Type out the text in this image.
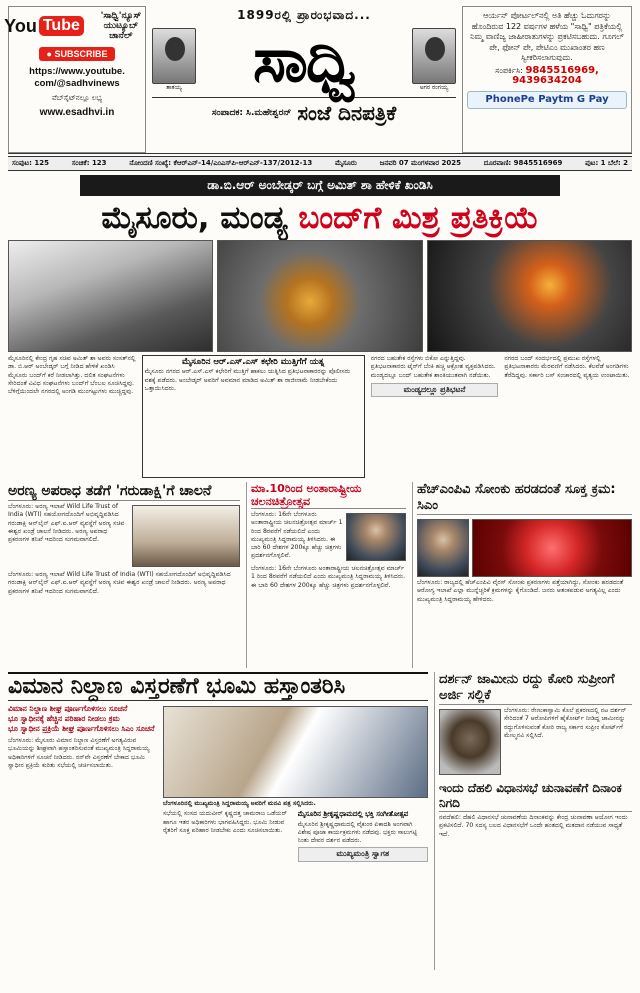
You Tube
'ಸಾಧ್ವಿ'ನ್ಯೂಸ್ ಯುಟ್ಯೂಬ್ ಚಾನೆಲ್
● SUBSCRIBE
https://www.youtube.
com/@sadhvinews
ವೆಬ್‌ಸೈಟ್‌ನಲ್ಲೂ ಲಭ್ಯ
www.esadhvi.in
1899ರಲ್ಲಿ ಪ್ರಾರಂಭವಾದ...
ತಾತಯ್ಯ ಸಾಧ್ವಿ	ಅಗರ ರಂಗಯ್ಯ
ಸಂಪಾದಕ: ಸಿ.ಮಹೇಶ್ವರನ್ ಸಂಜೆ ದಿನಪತ್ರಿಕೆ
ಆರ್ಯನ್ ಪೋರ್ಟಲ್‌ನಲ್ಲಿ ಅತಿ ಹೆಚ್ಚು ಓದುಗರನ್ನು ಹೊಂದಿರುವ 122 ವರ್ಷಗಳ ಹಳೆಯ "ಸಾಧ್ವಿ" ಪತ್ರಿಕೆಯಲ್ಲಿ ನಿಮ್ಮ ವಾಣಿಜ್ಯ ಜಾಹೀರಾತುಗಳನ್ನು ಪ್ರಕಟಿಸಬಹುದು. ಗೂಗಲ್ ಪೇ, ಫೋನ್ ಪೇ, ಪೇಟಿಎಂ ಮುಖಾಂತರ ಹಣ ಸ್ವೀಕರಿಸಲಾಗುವುದು.
ಸಂಪರ್ಕಿಸಿ: 9845516969,
9439634204
PhonePe Paytm G Pay
ಸಂಪುಟ: 125	ಸಂಚಿಕೆ: 123	ನೋಂದಣಿ ಸಂಖ್ಯೆ: ಕೆಆರ್‌ಎನ್-14/ಎಂಎಸ್‌ಪಿ-ಆರ್‌ಎನ್-137/2012-13	ಮೈಸೂರು	ಜನವರಿ 07 ಮಂಗಳವಾರ 2025	ದೂರವಾಣಿ: 9845516969	ಪುಟ: 1 ಬೆಲೆ: 2
ಡಾ.ಬಿ.ಆರ್ ಅಂಬೇಡ್ಕರ್ ಬಗ್ಗೆ ಅಮಿತ್ ಶಾ ಹೇಳಿಕೆ ಖಂಡಿಸಿ
ಮೈಸೂರು, ಮಂಡ್ಯ ಬಂದ್‌ಗೆ ಮಿಶ್ರ ಪ್ರತಿಕ್ರಿಯೆ
ಮೈಸೂರಿನಲ್ಲಿ ಕೇಂದ್ರ ಗೃಹ ಸಚಿವ ಅಮಿತ್ ಶಾ ಅವರು ಸಂಸತ್‌ನಲ್ಲಿ ಡಾ. ಬಿ.ಆರ್ ಅಂಬೇಡ್ಕರ್ ಬಗ್ಗೆ ನೀಡಿದ ಹೇಳಿಕೆ ಖಂಡಿಸಿ ಮೈಸೂರು ಬಂದ್‌ಗೆ ಕರೆ ನೀಡಲಾಗಿತ್ತು. ದಲಿತ ಸಂಘಟನೆಗಳು ಸೇರಿದಂತೆ ವಿವಿಧ ಸಂಘಟನೆಗಳು ಬಂದ್‌ಗೆ ಬೆಂಬಲ ಸೂಚಿಸಿದ್ದವು. ಬೆಳಿಗ್ಗೆಯಿಂದಲೇ ನಗರದಲ್ಲಿ ಅಂಗಡಿ ಮುಂಗಟ್ಟುಗಳು ಮುಚ್ಚಿದ್ದವು.
ಮೈಸೂರಿನ ಆರ್.ಎಸ್.ಎಸ್ ಕಛೇರಿ ಮುತ್ತಿಗೆಗೆ ಯತ್ನ
ಮೈಸೂರು ನಗರದ ಆರ್.ಎಸ್.ಎಸ್ ಕಛೇರಿಗೆ ಮುತ್ತಿಗೆ ಹಾಕಲು ಯತ್ನಿಸಿದ ಪ್ರತಿಭಟನಾಕಾರರನ್ನು ಪೊಲೀಸರು ವಶಕ್ಕೆ ಪಡೆದರು. ಅಂಬೇಡ್ಕರ್ ಅವರಿಗೆ ಅವಮಾನ ಮಾಡಿದ ಅಮಿತ್ ಶಾ ರಾಜೀನಾಮೆ ನೀಡಬೇಕೆಂದು ಒತ್ತಾಯಿಸಿದರು.
ನಗರದ ಬಹುತೇಕ ರಸ್ತೆಗಳು ಬಿಕೋ ಎನ್ನುತ್ತಿದ್ದವು. ಪ್ರತಿಭಟನಾಕಾರರು ಟೈರ್‌ಗೆ ಬೆಂಕಿ ಹಚ್ಚಿ ಆಕ್ರೋಶ ವ್ಯಕ್ತಪಡಿಸಿದರು. ಮಂಡ್ಯದಲ್ಲೂ ಬಂದ್ ಬಹುತೇಕ ಶಾಂತಿಯುತವಾಗಿ ನಡೆಯಿತು.
ಮಂಡ್ಯದಲ್ಲೂ ಪ್ರತಿಭಟನೆ
ನಗರದ ಬಂದ್ ಸಂದರ್ಭದಲ್ಲಿ ಪ್ರಮುಖ ರಸ್ತೆಗಳಲ್ಲಿ ಪ್ರತಿಭಟನಾಕಾರರು ಮೆರವಣಿಗೆ ನಡೆಸಿದರು. ಕೆಲವೆಡೆ ಅಂಗಡಿಗಳು ತೆರೆದಿದ್ದವು. ಸರ್ಕಾರಿ ಬಸ್ ಸಂಚಾರದಲ್ಲಿ ವ್ಯತ್ಯಯ ಉಂಟಾಯಿತು.
ಅರಣ್ಯ ಅಪರಾಧ ತಡೆಗೆ 'ಗರುಡಾಕ್ಷಿ'ಗೆ ಚಾಲನೆ
ಬೆಂಗಳೂರು: ಅರಣ್ಯ ಇಲಾಖೆ Wild Life Trust of India (WTI) ಸಹಯೋಗದೊಂದಿಗೆ ಅಭಿವೃದ್ಧಿಪಡಿಸಿದ ಗರುಡಾಕ್ಷಿ ಆನ್‌ಲೈನ್ ಎಫ್.ಐ.ಆರ್ ವ್ಯವಸ್ಥೆಗೆ ಅರಣ್ಯ ಸಚಿವ ಈಶ್ವರ ಖಂಡ್ರೆ ಚಾಲನೆ ನೀಡಿದರು. ಅರಣ್ಯ ಅಪರಾಧ ಪ್ರಕರಣಗಳ ತನಿಖೆ ಇದರಿಂದ ಸುಗಮವಾಗಲಿದೆ.
ಬೆಂಗಳೂರು: ಅರಣ್ಯ ಇಲಾಖೆ Wild Life Trust of India (WTI) ಸಹಯೋಗದೊಂದಿಗೆ ಅಭಿವೃದ್ಧಿಪಡಿಸಿದ ಗರುಡಾಕ್ಷಿ ಆನ್‌ಲೈನ್ ಎಫ್.ಐ.ಆರ್ ವ್ಯವಸ್ಥೆಗೆ ಅರಣ್ಯ ಸಚಿವ ಈಶ್ವರ ಖಂಡ್ರೆ ಚಾಲನೆ ನೀಡಿದರು. ಅರಣ್ಯ ಅಪರಾಧ ಪ್ರಕರಣಗಳ ತನಿಖೆ ಇದರಿಂದ ಸುಗಮವಾಗಲಿದೆ.
ಮಾ.10ರಿಂದ ಅಂತಾರಾಷ್ಟ್ರೀಯ ಚಲನಚಿತ್ರೋತ್ಸವ
ಬೆಂಗಳೂರು: 16ನೇ ಬೆಂಗಳೂರು ಅಂತಾರಾಷ್ಟ್ರೀಯ ಚಲನಚಿತ್ರೋತ್ಸವ ಮಾರ್ಚ್ 1 ರಿಂದ 8ರವರೆಗೆ ನಡೆಯಲಿದೆ ಎಂದು ಮುಖ್ಯಮಂತ್ರಿ ಸಿದ್ದರಾಮಯ್ಯ ತಿಳಿಸಿದರು. ಈ ಬಾರಿ 60 ದೇಶಗಳ 200ಕ್ಕೂ ಹೆಚ್ಚು ಚಿತ್ರಗಳು ಪ್ರದರ್ಶನಗೊಳ್ಳಲಿವೆ.
ಬೆಂಗಳೂರು: 16ನೇ ಬೆಂಗಳೂರು ಅಂತಾರಾಷ್ಟ್ರೀಯ ಚಲನಚಿತ್ರೋತ್ಸವ ಮಾರ್ಚ್ 1 ರಿಂದ 8ರವರೆಗೆ ನಡೆಯಲಿದೆ ಎಂದು ಮುಖ್ಯಮಂತ್ರಿ ಸಿದ್ದರಾಮಯ್ಯ ತಿಳಿಸಿದರು. ಈ ಬಾರಿ 60 ದೇಶಗಳ 200ಕ್ಕೂ ಹೆಚ್ಚು ಚಿತ್ರಗಳು ಪ್ರದರ್ಶನಗೊಳ್ಳಲಿವೆ.
ಹೆಚ್‌ಎಂಪಿವಿ ಸೋಂಕು ಹರಡದಂತೆ ಸೂಕ್ತ ಕ್ರಮ: ಸಿಎಂ
ಬೆಂಗಳೂರು: ರಾಜ್ಯದಲ್ಲಿ ಹೆಚ್‌ಎಂಪಿವಿ ವೈರಸ್ ಸೋಂಕು ಪ್ರಕರಣಗಳು ಪತ್ತೆಯಾಗಿದ್ದು, ಸೋಂಕು ಹರಡದಂತೆ ಆರೋಗ್ಯ ಇಲಾಖೆ ಎಲ್ಲಾ ಮುನ್ನೆಚ್ಚರಿಕೆ ಕ್ರಮಗಳನ್ನು ಕೈಗೊಂಡಿದೆ. ಜನರು ಆತಂಕಪಡುವ ಅಗತ್ಯವಿಲ್ಲ ಎಂದು ಮುಖ್ಯಮಂತ್ರಿ ಸಿದ್ದರಾಮಯ್ಯ ಹೇಳಿದರು.
ವಿಮಾನ ನಿಲ್ದಾಣ ವಿಸ್ತರಣೆಗೆ ಭೂಮಿ ಹಸ್ತಾಂತರಿಸಿ
ವಿಮಾನ ನಿಲ್ದಾಣ ಶೀಘ್ರ ಪೂರ್ಣಗೊಳಿಸಲು ಸೂಚನೆ
ಭೂ ಸ್ವಾಧೀನಕ್ಕೆ ಹೆಚ್ಚಿನ ಪರಿಹಾರ ನೀಡಲು ಕ್ರಮ
ಭೂ ಸ್ವಾಧೀನ ಪ್ರಕ್ರಿಯೆ ಶೀಘ್ರ ಪೂರ್ಣಗೊಳಿಸಲು ಸಿಎಂ ಸೂಚನೆ
ಬೆಂಗಳೂರು: ಮೈಸೂರು ವಿಮಾನ ನಿಲ್ದಾಣ ವಿಸ್ತರಣೆಗೆ ಅಗತ್ಯವಿರುವ ಭೂಮಿಯನ್ನು ಶೀಘ್ರವಾಗಿ ಹಸ್ತಾಂತರಿಸುವಂತೆ ಮುಖ್ಯಮಂತ್ರಿ ಸಿದ್ದರಾಮಯ್ಯ ಅಧಿಕಾರಿಗಳಿಗೆ ಸೂಚನೆ ನೀಡಿದರು. ರನ್‌ವೇ ವಿಸ್ತರಣೆಗೆ ಬೇಕಾದ ಭೂಮಿ ಸ್ವಾಧೀನ ಪ್ರಕ್ರಿಯೆ ಕುರಿತು ಸಭೆಯಲ್ಲಿ ಚರ್ಚಿಸಲಾಯಿತು.
ಬೆಂಗಳೂರಿನಲ್ಲಿ ಮುಖ್ಯಮಂತ್ರಿ ಸಿದ್ದರಾಮಯ್ಯ ಅವರಿಗೆ ಮನವಿ ಪತ್ರ ಸಲ್ಲಿಸಿದರು.
ಸಭೆಯಲ್ಲಿ ಸಂಸದ ಯದುವೀರ್ ಕೃಷ್ಣದತ್ತ ಚಾಮರಾಜ ಒಡೆಯರ್ ಹಾಗೂ ಇತರ ಅಧಿಕಾರಿಗಳು ಭಾಗವಹಿಸಿದ್ದರು. ಭೂಮಿ ನೀಡುವ ರೈತರಿಗೆ ಸೂಕ್ತ ಪರಿಹಾರ ನೀಡಬೇಕು ಎಂದು ಸೂಚಿಸಲಾಯಿತು.
ಮೈಸೂರಿನ ಶ್ರೀಕೃಷ್ಣಧಾಮದಲ್ಲಿ ಭಕ್ತಿ ಸಂಗೀತೋತ್ಸವ
ಮೈಸೂರಿನ ಶ್ರೀಕೃಷ್ಣಧಾಮದಲ್ಲಿ ವೈಕುಂಠ ಏಕಾದಶಿ ಅಂಗವಾಗಿ ವಿಶೇಷ ಪೂಜಾ ಕಾರ್ಯಕ್ರಮಗಳು ನಡೆದವು. ಭಕ್ತರು ಸಾಲುಗಟ್ಟಿ ನಿಂತು ದೇವರ ದರ್ಶನ ಪಡೆದರು.
ಮುಖ್ಯಮಂತ್ರಿ ಸ್ವಾಗತ
ದರ್ಶನ್ ಜಾಮೀನು ರದ್ದು ಕೋರಿ ಸುಪ್ರೀಂಗೆ ಅರ್ಜಿ ಸಲ್ಲಿಕೆ
ಬೆಂಗಳೂರು: ರೇಣುಕಾಸ್ವಾಮಿ ಕೊಲೆ ಪ್ರಕರಣದಲ್ಲಿ ನಟ ದರ್ಶನ್ ಸೇರಿದಂತೆ 7 ಆರೋಪಿಗಳಿಗೆ ಹೈಕೋರ್ಟ್ ನೀಡಿದ್ದ ಜಾಮೀನನ್ನು ರದ್ದುಗೊಳಿಸುವಂತೆ ಕೋರಿ ರಾಜ್ಯ ಸರ್ಕಾರ ಸುಪ್ರೀಂ ಕೋರ್ಟ್‌ಗೆ ಮೇಲ್ಮನವಿ ಸಲ್ಲಿಸಿದೆ.
ಇಂದು ದೆಹಲಿ ವಿಧಾನಸಭೆ ಚುನಾವಣೆಗೆ ದಿನಾಂಕ ನಿಗದಿ
ನವದೆಹಲಿ: ದೆಹಲಿ ವಿಧಾನಸಭೆ ಚುನಾವಣೆಯ ದಿನಾಂಕವನ್ನು ಕೇಂದ್ರ ಚುನಾವಣಾ ಆಯೋಗ ಇಂದು ಪ್ರಕಟಿಸಲಿದೆ. 70 ಸದಸ್ಯ ಬಲದ ವಿಧಾನಸಭೆಗೆ ಒಂದೇ ಹಂತದಲ್ಲಿ ಮತದಾನ ನಡೆಯುವ ಸಾಧ್ಯತೆ ಇದೆ.
